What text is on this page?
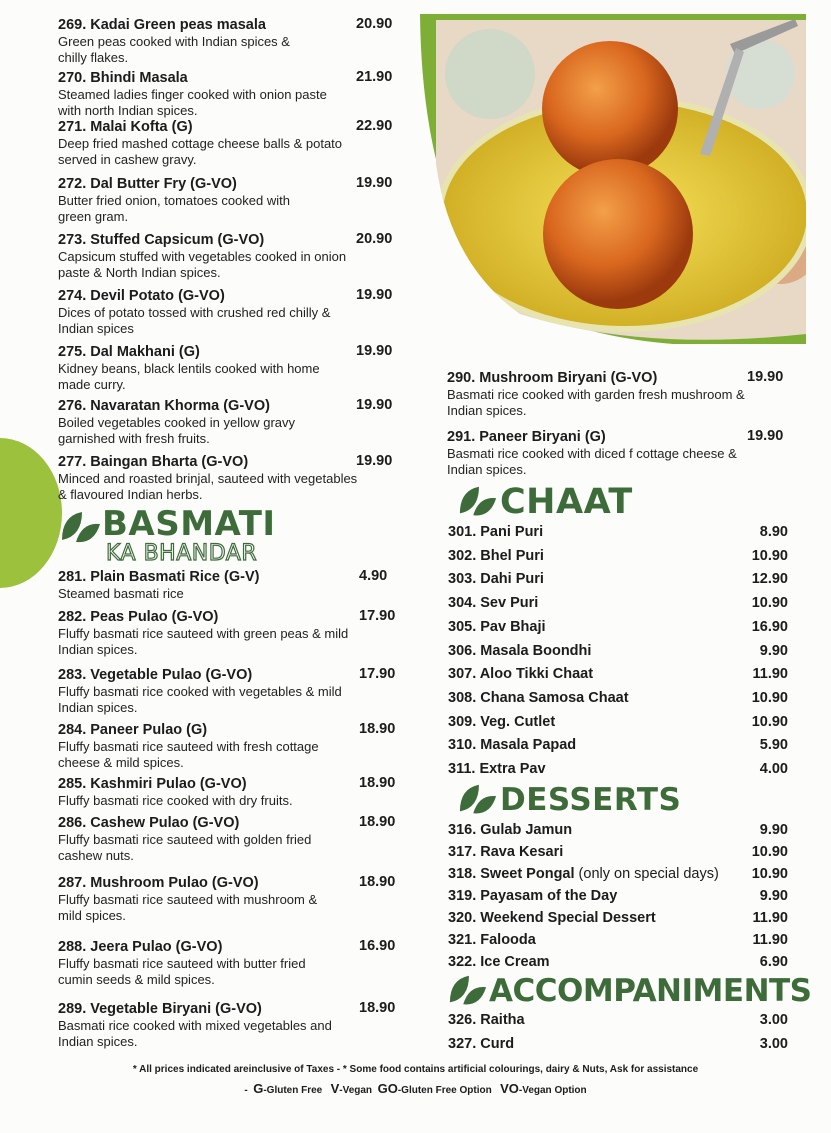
269. Kadai Green peas masala	20.90
Green peas cooked with Indian spices &
chilly flakes.
270. Bhindi Masala	21.90
Steamed ladies finger cooked with onion paste
with north Indian spices.
271. Malai Kofta (G)	22.90
Deep fried mashed cottage cheese balls & potato
served in cashew gravy.
272. Dal Butter Fry (G-VO)	19.90
Butter fried onion, tomatoes cooked with
green gram.
273. Stuffed Capsicum (G-VO)	20.90
Capsicum stuffed with vegetables cooked in onion
paste & North Indian spices.
274. Devil Potato (G-VO)	19.90
Dices of potato tossed with crushed red chilly &
Indian spices
275. Dal Makhani (G)	19.90
Kidney beans, black lentils cooked with home
made curry.
276. Navaratan Khorma (G-VO)	19.90
Boiled vegetables cooked in yellow gravy
garnished with fresh fruits.
277. Baingan Bharta (G-VO)	19.90
Minced and roasted brinjal, sauteed with vegetables
& flavoured Indian herbs.
BASMATI
KA BHANDAR
281. Plain Basmati Rice (G-V)	4.90
Steamed basmati rice
282. Peas Pulao (G-VO)	17.90
Fluffy basmati rice sauteed with green peas & mild
Indian spices.
283. Vegetable Pulao (G-VO)	17.90
Fluffy basmati rice cooked with vegetables & mild
Indian spices.
284. Paneer Pulao (G)	18.90
Fluffy basmati rice sauteed with fresh cottage
cheese & mild spices.
285. Kashmiri Pulao (G-VO)	18.90
Fluffy basmati rice cooked with dry fruits.
286. Cashew Pulao (G-VO)	18.90
Fluffy basmati rice sauteed with golden fried
cashew nuts.
287. Mushroom Pulao (G-VO)	18.90
Fluffy basmati rice sauteed with mushroom &
mild spices.
288. Jeera Pulao (G-VO)	16.90
Fluffy basmati rice sauteed with butter fried
cumin seeds & mild spices.
289. Vegetable Biryani (G-VO)	18.90
Basmati rice cooked with mixed vegetables and
Indian spices.
290. Mushroom Biryani (G-VO)	19.90
Basmati rice cooked with garden fresh mushroom &
Indian spices.
291. Paneer Biryani (G)	19.90
Basmati rice cooked with diced f cottage cheese &
Indian spices.
CHAAT
301. Pani Puri	8.90
302. Bhel Puri	10.90
303. Dahi Puri	12.90
304. Sev Puri	10.90
305. Pav Bhaji	16.90
306. Masala Boondhi	9.90
307. Aloo Tikki Chaat	11.90
308. Chana Samosa Chaat	10.90
309. Veg. Cutlet	10.90
310. Masala Papad	5.90
311. Extra Pav	4.00
DESSERTS
316. Gulab Jamun	9.90
317. Rava Kesari	10.90
318. Sweet Pongal (only on special days) 10.90
319. Payasam of the Day	9.90
320. Weekend Special Dessert	11.90
321. Falooda	11.90
322. Ice Cream	6.90
ACCOMPANIMENTS
326. Raitha	3.00
327. Curd	3.00
* All prices indicated areinclusive of Taxes - * Some food contains artificial colourings, dairy & Nuts, Ask for assistance
-  G-Gluten Free   V-Vegan  GO-Gluten Free Option   VO-Vegan Option
